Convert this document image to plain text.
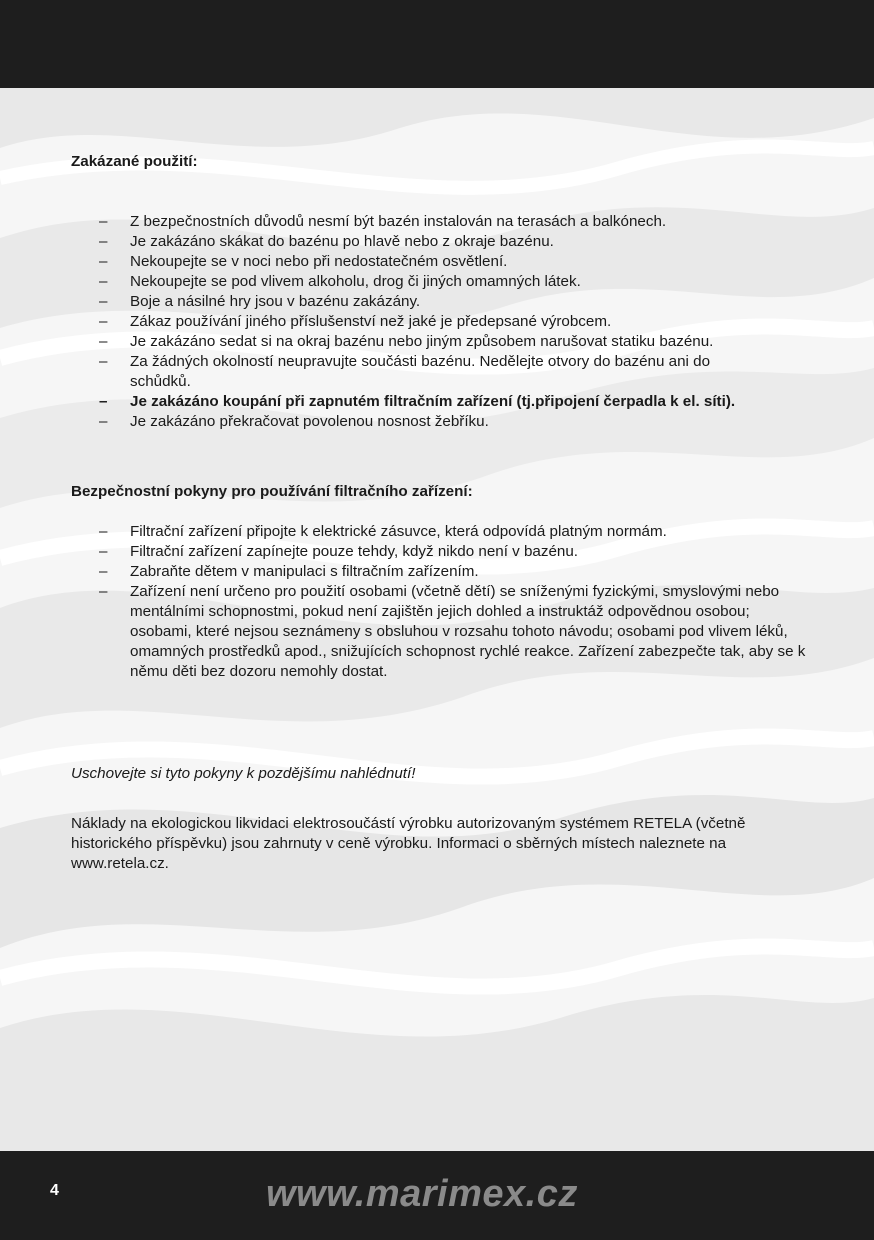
Zakázané použití:

– Z bezpečnostních důvodů nesmí být bazén instalován na terasách a balkónech.
– Je zakázáno skákat do bazénu po hlavě nebo z okraje bazénu.
– Nekoupejte se v noci nebo při nedostatečném osvětlení.
– Nekoupejte se pod vlivem alkoholu, drog či jiných omamných látek.
– Boje a násilné hry jsou v bazénu zakázány.
– Zákaz používání jiného příslušenství než jaké je předepsané výrobcem.
– Je zakázáno sedat si na okraj bazénu nebo jiným způsobem narušovat statiku bazénu.
– Za žádných okolností neupravujte součásti bazénu. Nedělejte otvory do bazénu ani do schůdků.
– Je zakázáno koupání při zapnutém filtračním zařízení (tj.připojení čerpadla k el. síti).
– Je zakázáno překračovat povolenou nosnost žebříku.

Bezpečnostní pokyny pro používání filtračního zařízení:

– Filtrační zařízení připojte k elektrické zásuvce, která odpovídá platným normám.
– Filtrační zařízení zapínejte pouze tehdy, když nikdo není v bazénu.
– Zabraňte dětem v manipulaci s filtračním zařízením.
– Zařízení není určeno pro použití osobami (včetně dětí) se sníženými fyzickými, smyslovými nebo mentálními schopnostmi, pokud není zajištěn jejich dohled a instruktáž odpovědnou osobou; osobami, které nejsou seznámeny s obsluhou v rozsahu tohoto návodu; osobami pod vlivem léků, omamných prostředků apod., snižujících schopnost rychlé reakce. Zařízení zabezpečte tak, aby se k němu děti bez dozoru nemohly dostat.

Uschovejte si tyto pokyny k pozdějšímu nahlédnutí!

Náklady na ekologickou likvidaci elektrosoučástí výrobku autorizovaným systémem RETELA (včetně historického příspěvku) jsou zahrnuty v ceně výrobku. Informaci o sběrných místech naleznete na www.retela.cz.

4	www.marimex.cz
